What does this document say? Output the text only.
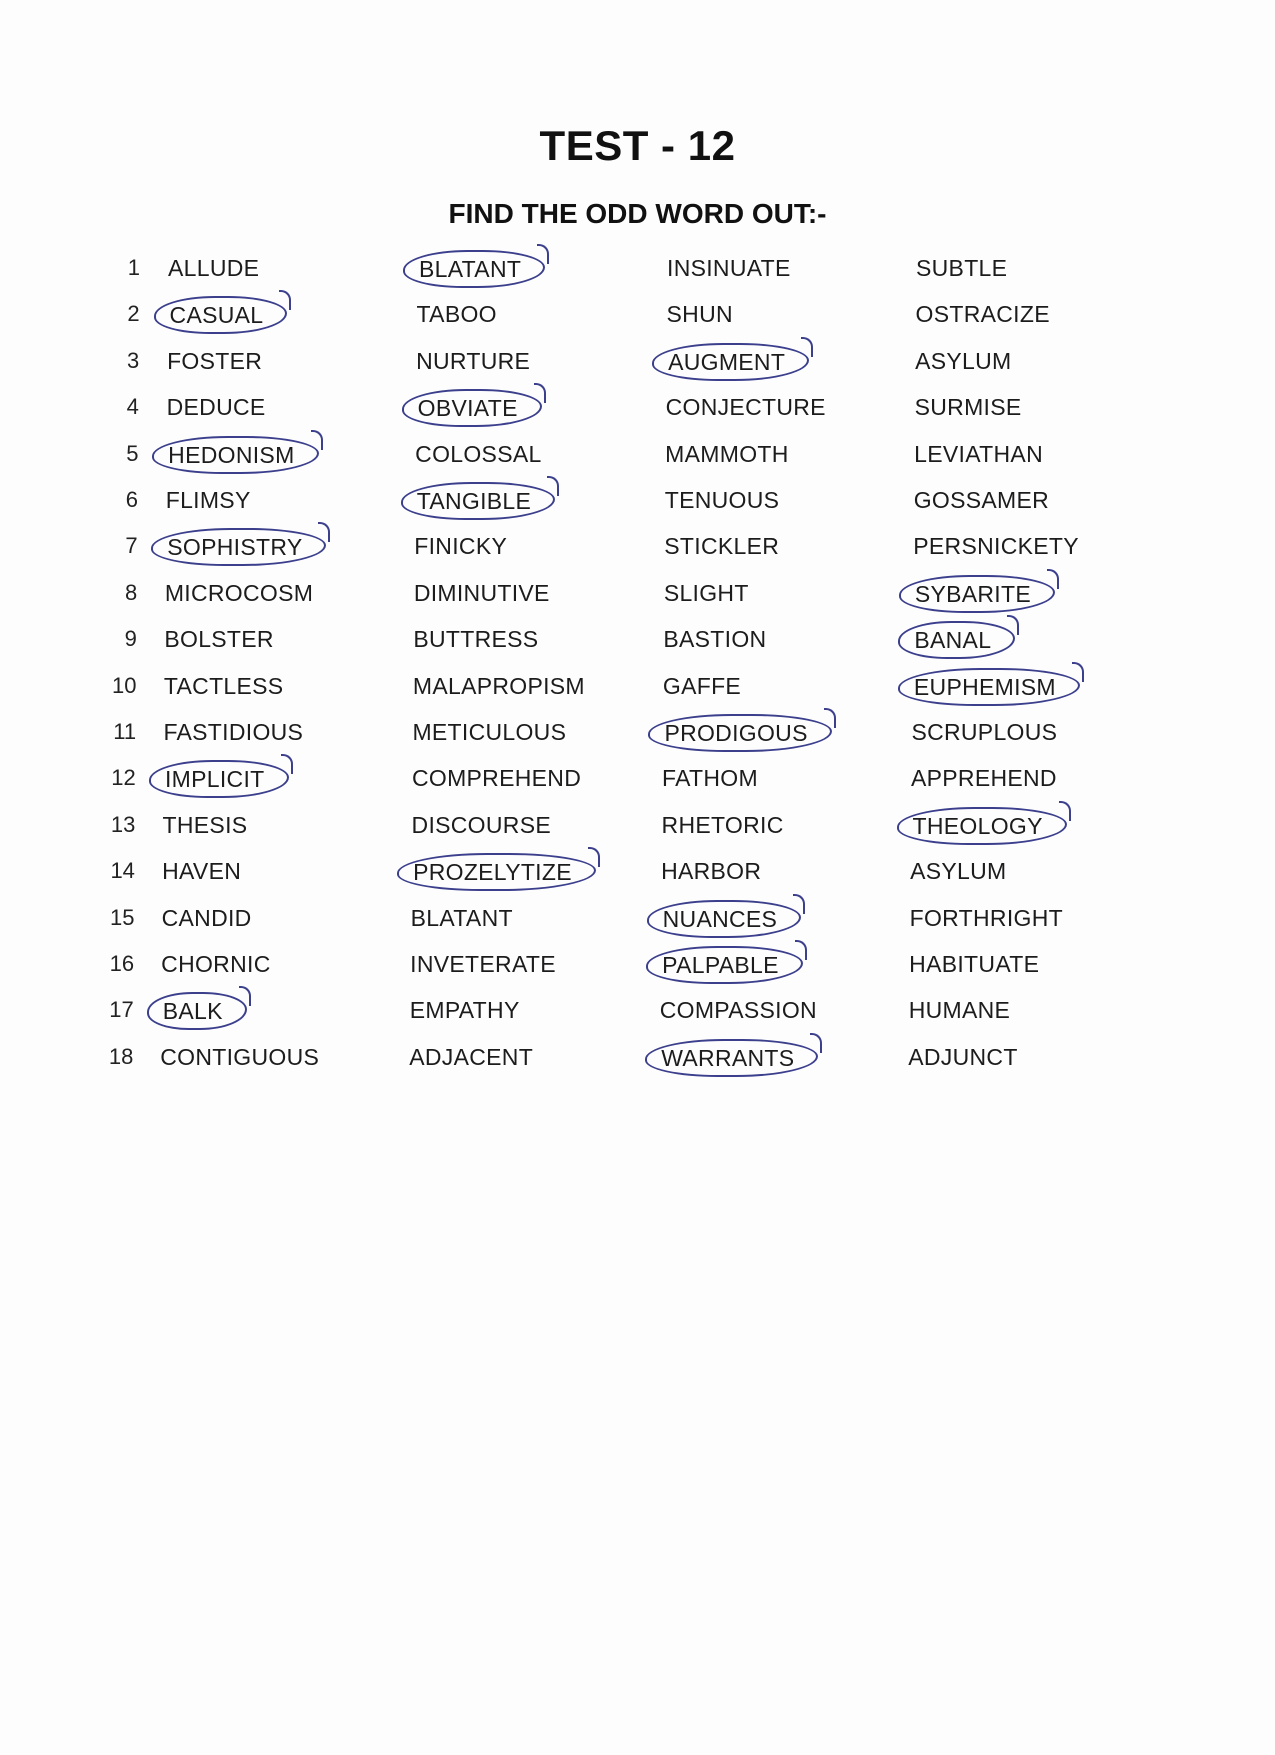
TEST - 12
FIND THE ODD WORD OUT:-
1 ALLUDE	BLATANT	INSINUATE	SUBTLE
2	CASUAL	TABOO	SHUN	OSTRACIZE
3 FOSTER	NURTURE	AUGMENT	ASYLUM
4 DEDUCE	OBVIATE	CONJECTURE	SURMISE
5	HEDONISM	COLOSSAL	MAMMOTH	LEVIATHAN
6 FLIMSY	TANGIBLE	TENUOUS	GOSSAMER
7	SOPHISTRY	FINICKY	STICKLER	PERSNICKETY
8 MICROCOSM	DIMINUTIVE	SLIGHT	SYBARITE
9 BOLSTER	BUTTRESS	BASTION	BANAL
10 TACTLESS	MALAPROPISM	GAFFE	EUPHEMISM
11 FASTIDIOUS	METICULOUS	PRODIGOUS	SCRUPLOUS
12	IMPLICIT	COMPREHEND	FATHOM	APPREHEND
13 THESIS	DISCOURSE	RHETORIC	THEOLOGY
14 HAVEN	PROZELYTIZE	HARBOR	ASYLUM
15 CANDID	BLATANT	NUANCES	FORTHRIGHT
16 CHORNIC	INVETERATE	PALPABLE	HABITUATE
17	BALK	EMPATHY	COMPASSION	HUMANE
18 CONTIGUOUS	ADJACENT	WARRANTS	ADJUNCT
